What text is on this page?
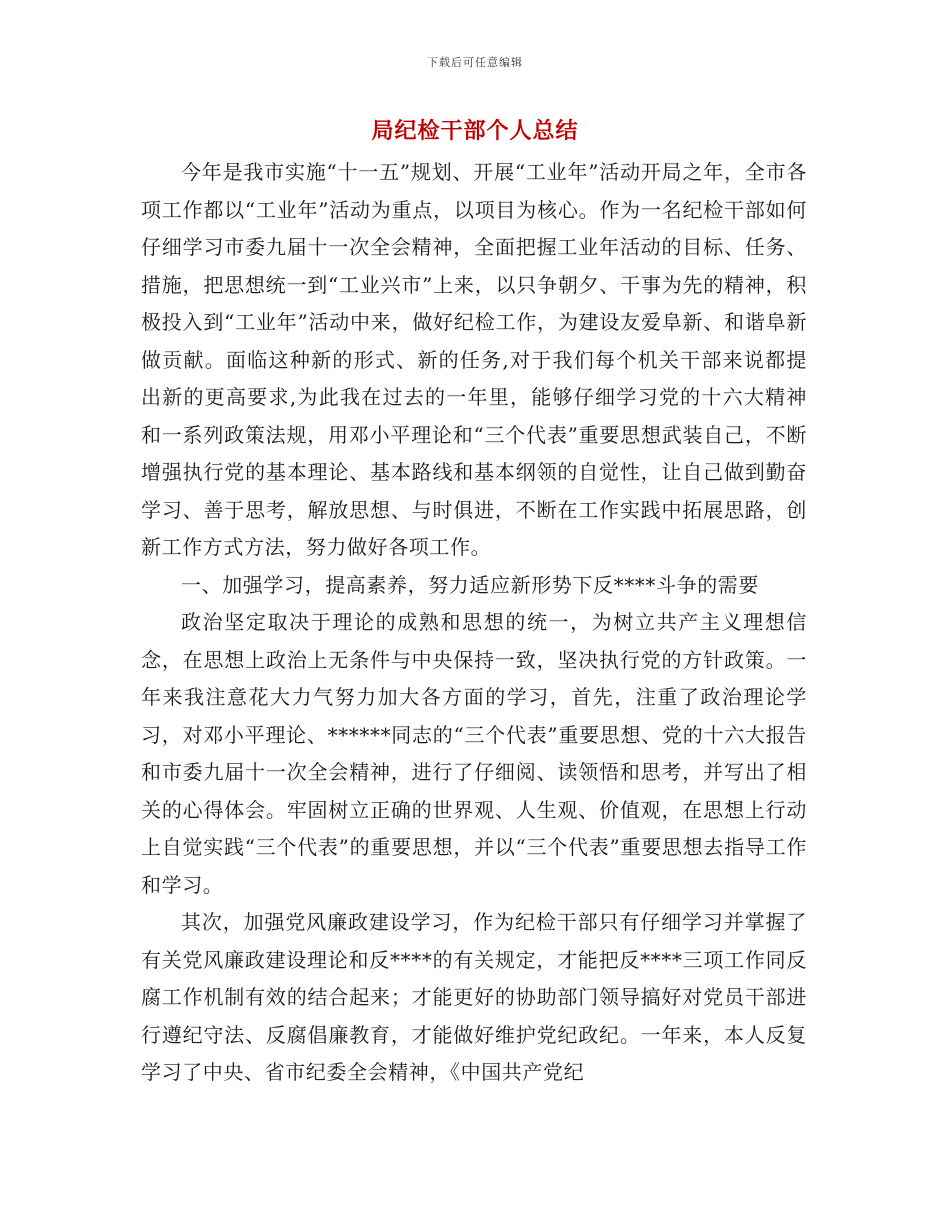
下载后可任意编辑
局纪检干部个人总结

今年是我市实施“十一五”规划、开展“工业年”活动开局之年，全市各项工作都以“工业年”活动为重点，以项目为核心。作为一名纪检干部如何仔细学习市委九届十一次全会精神，全面把握工业年活动的目标、任务、措施，把思想统一到“工业兴市”上来，以只争朝夕、干事为先的精神，积极投入到“工业年”活动中来，做好纪检工作，为建设友爱阜新、和谐阜新做贡献。面临这种新的形式、新的任务,对于我们每个机关干部来说都提出新的更高要求,为此我在过去的一年里，能够仔细学习党的十六大精神和一系列政策法规，用邓小平理论和“三个代表”重要思想武装自己，不断增强执行党的基本理论、基本路线和基本纲领的自觉性，让自己做到勤奋学习、善于思考，解放思想、与时俱进，不断在工作实践中拓展思路，创新工作方式方法，努力做好各项工作。

一、加强学习，提高素养，努力适应新形势下反****斗争的需要

政治坚定取决于理论的成熟和思想的统一，为树立共产主义理想信念，在思想上政治上无条件与中央保持一致，坚决执行党的方针政策。一年来我注意花大力气努力加大各方面的学习，首先，注重了政治理论学习，对邓小平理论、******同志的“三个代表”重要思想、党的十六大报告和市委九届十一次全会精神，进行了仔细阅、读领悟和思考，并写出了相关的心得体会。牢固树立正确的世界观、人生观、价值观，在思想上行动上自觉实践“三个代表”的重要思想，并以“三个代表”重要思想去指导工作和学习。

其次，加强党风廉政建设学习，作为纪检干部只有仔细学习并掌握了有关党风廉政建设理论和反****的有关规定，才能把反****三项工作同反腐工作机制有效的结合起来；才能更好的协助部门领导搞好对党员干部进行遵纪守法、反腐倡廉教育，才能做好维护党纪政纪。一年来，本人反复学习了中央、省市纪委全会精神，《中国共产党纪
